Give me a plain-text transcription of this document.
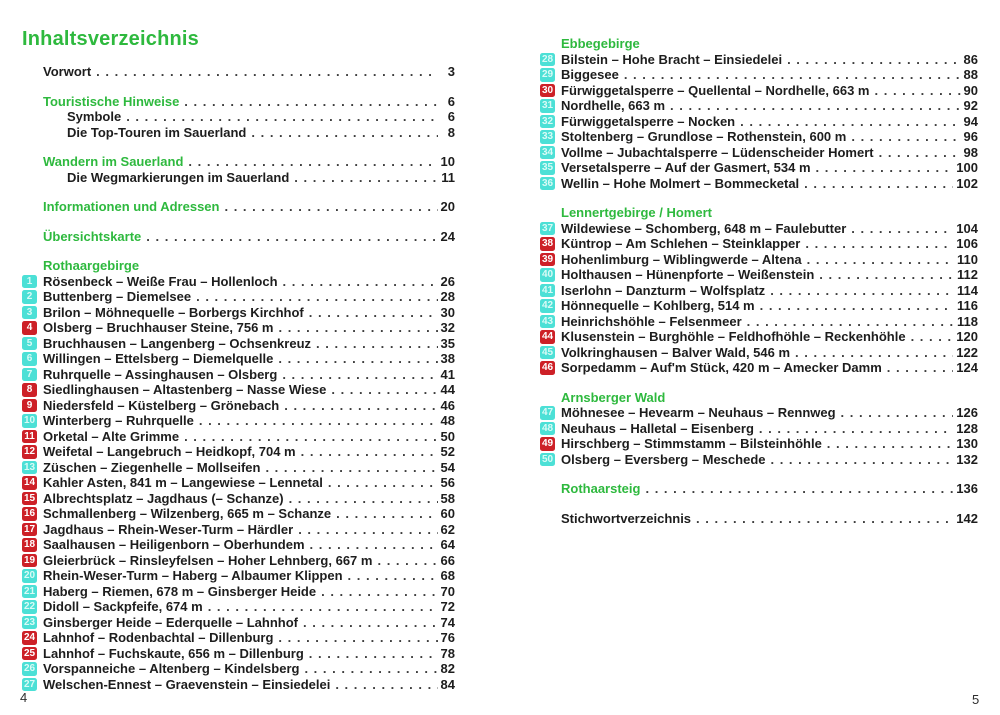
Inhaltsverzeichnis
Vorwort . . .	3
Touristische Hinweise . . .	6
Symbole . . .	6
Die Top-Touren im Sauerland . . .	8
Wandern im Sauerland . . .	10
Die Wegmarkierungen im Sauerland . . .	11
Informationen und Adressen . . .	20
Übersichtskarte . . .	24
Rothaargebirge
1 Rösenbeck – Weiße Frau – Hollenloch . . .	26
2 Buttenberg – Diemelsee . . .	28
3 Brilon – Möhnequelle – Borbergs Kirchhof . . .	30
4 Olsberg – Bruchhauser Steine, 756 m . . .	32
5 Bruchhausen – Langenberg – Ochsenkreuz . . .	35
6 Willingen – Ettelsberg – Diemelquelle . . .	38
7 Ruhrquelle – Assinghausen – Olsberg . . .	41
8 Siedlinghausen – Altastenberg – Nasse Wiese . . .	44
9 Niedersfeld – Küstelberg – Grönebach . . .	46
10 Winterberg – Ruhrquelle . . .	48
11 Orketal – Alte Grimme . . .	50
12 Weifetal – Langebruch – Heidkopf, 704 m . . .	52
13 Züschen – Ziegenhelle – Mollseifen . . .	54
14 Kahler Asten, 841 m – Langewiese – Lennetal . . .	56
15 Albrechtsplatz – Jagdhaus (– Schanze) . . .	58
16 Schmallenberg – Wilzenberg, 665 m – Schanze . . .	60
17 Jagdhaus – Rhein-Weser-Turm – Härdler . . .	62
18 Saalhausen – Heiligenborn – Oberhundem . . .	64
19 Gleierbrück – Rinsleyfelsen – Hoher Lehnberg, 667 m . . .	66
20 Rhein-Weser-Turm – Haberg – Albaumer Klippen . . .	68
21 Haberg – Riemen, 678 m – Ginsberger Heide . . .	70
22 Didoll – Sackpfeife, 674 m . . .	72
23 Ginsberger Heide – Ederquelle – Lahnhof . . .	74
24 Lahnhof – Rodenbachtal – Dillenburg . . .	76
25 Lahnhof – Fuchskaute, 656 m – Dillenburg . . .	78
26 Vorspanneiche – Altenberg – Kindelsberg . . .	82
27 Welschen-Ennest – Graevenstein – Einsiedelei . . .	84
Ebbegebirge
28 Bilstein – Hohe Bracht – Einsiedelei . . .	86
29 Biggesee . . .	88
30 Fürwiggetalsperre – Quellental – Nordhelle, 663 m . . .	90
31 Nordhelle, 663 m . . .	92
32 Fürwiggetalsperre – Nocken . . .	94
33 Stoltenberg – Grundlose – Rothenstein, 600 m . . .	96
34 Vollme – Jubachtalsperre – Lüdenscheider Homert . . .	98
35 Versetalsperre – Auf der Gasmert, 534 m . . .	100
36 Wellin – Hohe Molmert – Bommecketal . . .	102
Lennertgebirge / Homert
37 Wildewiese – Schomberg, 648 m – Faulebutter . . .	104
38 Küntrop – Am Schlehen – Steinklapper . . .	106
39 Hohenlimburg – Wiblingwerde – Altena . . .	110
40 Holthausen – Hünenpforte – Weißenstein . . .	112
41 Iserlohn – Danzturm – Wolfsplatz . . .	114
42 Hönnequelle – Kohlberg, 514 m . . .	116
43 Heinrichshöhle – Felsenmeer . . .	118
44 Klusenstein – Burghöhle – Feldhofhöhle – Reckenhöhle . . .	120
45 Volkringhausen – Balver Wald, 546 m . . .	122
46 Sorpedamm – Auf'm Stück, 420 m – Amecker Damm . . .	124
Arnsberger Wald
47 Möhnesee – Hevearm – Neuhaus – Rennweg . . .	126
48 Neuhaus – Halletal – Eisenberg . . .	128
49 Hirschberg – Stimmstamm – Bilsteinhöhle . . .	130
50 Olsberg – Eversberg – Meschede . . .	132
Rothaarsteig . . .	136
Stichwortverzeichnis . . .	142
4	5
